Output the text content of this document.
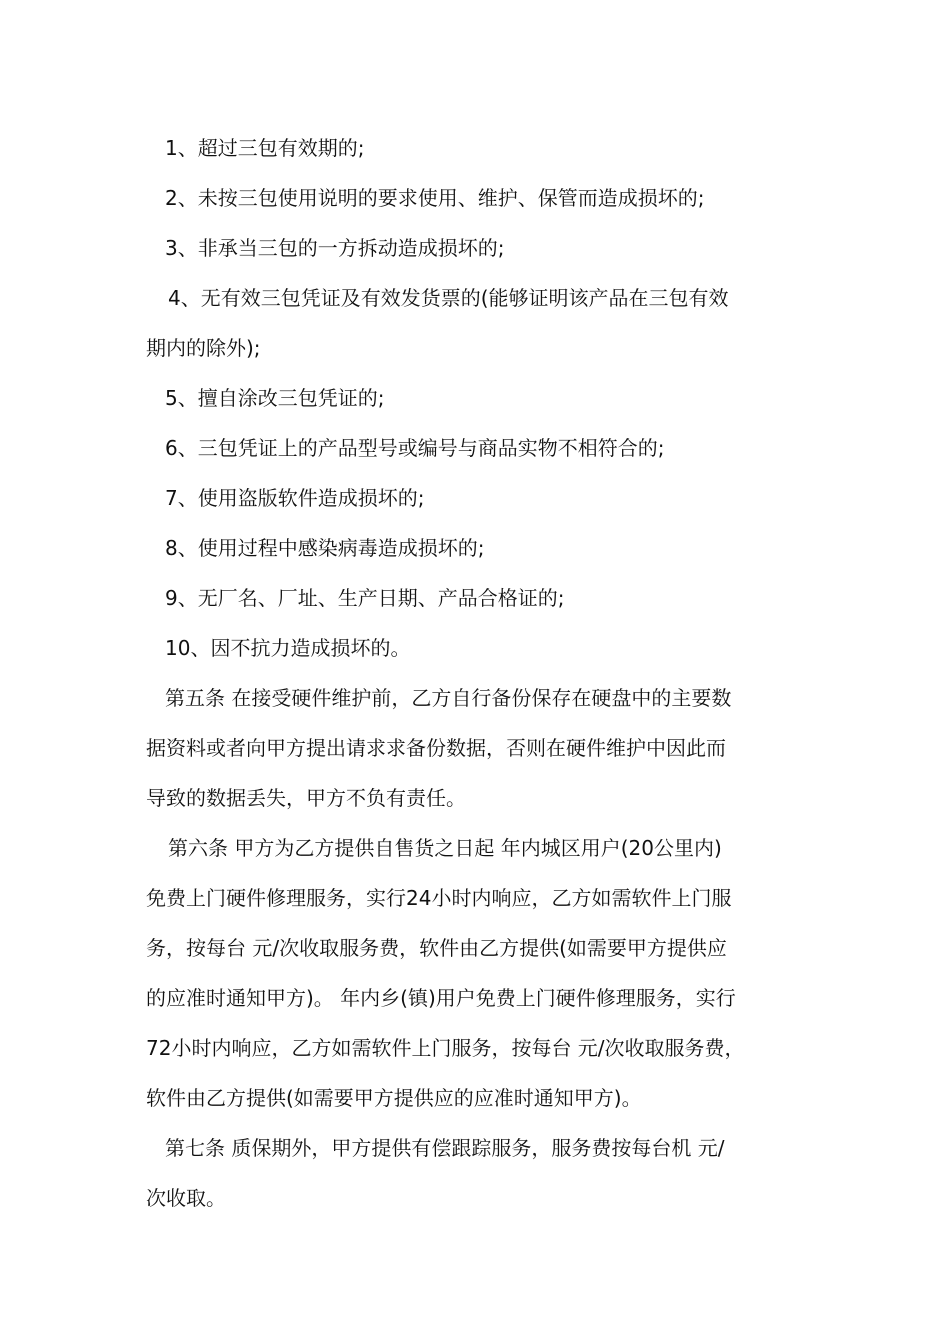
1、超过三包有效期的;
2、未按三包使用说明的要求使用、维护、保管而造成损坏的;
3、非承当三包的一方拆动造成损坏的;
4、无有效三包凭证及有效发货票的(能够证明该产品在三包有效
期内的除外);
5、擅自涂改三包凭证的;
6、三包凭证上的产品型号或编号与商品实物不相符合的;
7、使用盗版软件造成损坏的;
8、使用过程中感染病毒造成损坏的;
9、无厂名、厂址、生产日期、产品合格证的;
10、因不抗力造成损坏的。
第五条 在接受硬件维护前，乙方自行备份保存在硬盘中的主要数
据资料或者向甲方提出请求求备份数据，否则在硬件维护中因此而
导致的数据丢失，甲方不负有责任。
第六条 甲方为乙方提供自售货之日起 年内城区用户(20公里内)
免费上门硬件修理服务，实行24小时内响应，乙方如需软件上门服
务，按每台 元/次收取服务费，软件由乙方提供(如需要甲方提供应
的应准时通知甲方)。 年内乡(镇)用户免费上门硬件修理服务，实行
72小时内响应，乙方如需软件上门服务，按每台 元/次收取服务费，
软件由乙方提供(如需要甲方提供应的应准时通知甲方)。
第七条 质保期外，甲方提供有偿跟踪服务，服务费按每台机 元/
次收取。
